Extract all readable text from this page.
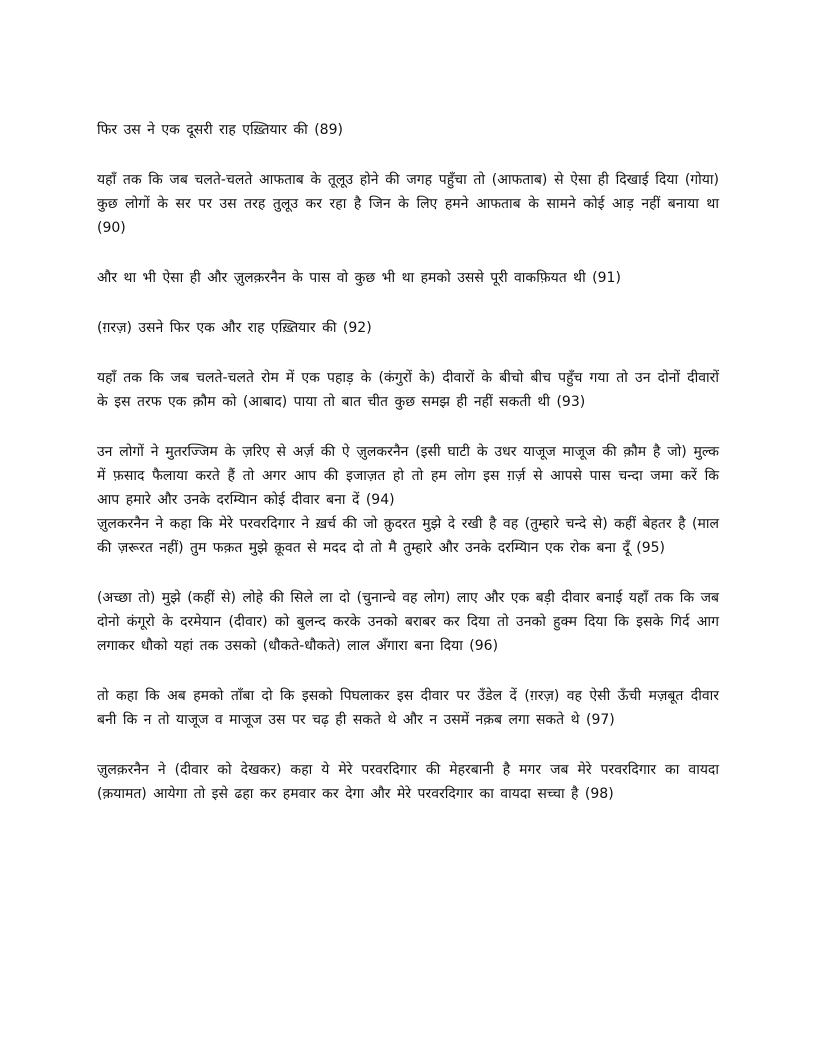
फिर उस ने एक दूसरी राह एख़्तियार की (89)

यहाँ तक कि जब चलते-चलते आफताब के तूलूउ होने की जगह पहुँचा तो (आफताब) से ऐसा ही दिखाई दिया (गोया) कुछ लोगों के सर पर उस तरह तुलूउ कर रहा है जिन के लिए हमने आफताब के सामने कोई आड़ नहीं बनाया था (90)

और था भी ऐसा ही और ज़ुलक़रनैन के पास वो कुछ भी था हमको उससे पूरी वाकफ़ियत थी (91)

(ग़रज़) उसने फिर एक और राह एख़्तियार की (92)

यहाँ तक कि जब चलते-चलते रोम में एक पहाड़ के (कंगुरों के) दीवारों के बीचो बीच पहुँच गया तो उन दोनों दीवारों के इस तरफ एक क़ौम को (आबाद) पाया तो बात चीत कुछ समझ ही नहीं सकती थी (93)

उन लोगों ने मुतरज्जिम के ज़रिए से अर्ज़ की ऐ ज़ुलकरनैन (इसी घाटी के उधर याजूज माजूज की क़ौम है जो) मुल्क में फ़साद फैलाया करते हैं तो अगर आप की इजाज़त हो तो हम लोग इस ग़र्ज़ से आपसे पास चन्दा जमा करें कि आप हमारे और उनके दरम्यिान कोई दीवार बना दें (94)

ज़ुलकरनैन ने कहा कि मेरे परवरदिगार ने ख़र्च की जो क़ुदरत मुझे दे रखी है वह (तुम्हारे चन्दे से) कहीं बेहतर है (माल की ज़रूरत नहीं) तुम फक़त मुझे क़ूवत से मदद दो तो मै तुम्हारे और उनके दरम्यिान एक रोक बना दूँ (95)

(अच्छा तो) मुझे (कहीं से) लोहे की सिले ला दो (चुनान्चे वह लोग) लाए और एक बड़ी दीवार बनाई यहाँ तक कि जब दोनो कंगूरो के दरमेयान (दीवार) को बुलन्द करके उनको बराबर कर दिया तो उनको हुक्म दिया कि इसके गिर्द आग लगाकर धौको यहां तक उसको (धौकते-धौकते) लाल अँगारा बना दिया (96)

तो कहा कि अब हमको ताँबा दो कि इसको पिघलाकर इस दीवार पर उँडेल दें (ग़रज़) वह ऐसी ऊँची मज़बूत दीवार बनी कि न तो याजूज व माजूज उस पर चढ़ ही सकते थे और न उसमें नक़ब लगा सकते थे (97)

ज़ुलक़रनैन ने (दीवार को देखकर) कहा ये मेरे परवरदिगार की मेहरबानी है मगर जब मेरे परवरदिगार का वायदा (क़यामत) आयेगा तो इसे ढहा कर हमवार कर देगा और मेरे परवरदिगार का वायदा सच्चा है (98)
